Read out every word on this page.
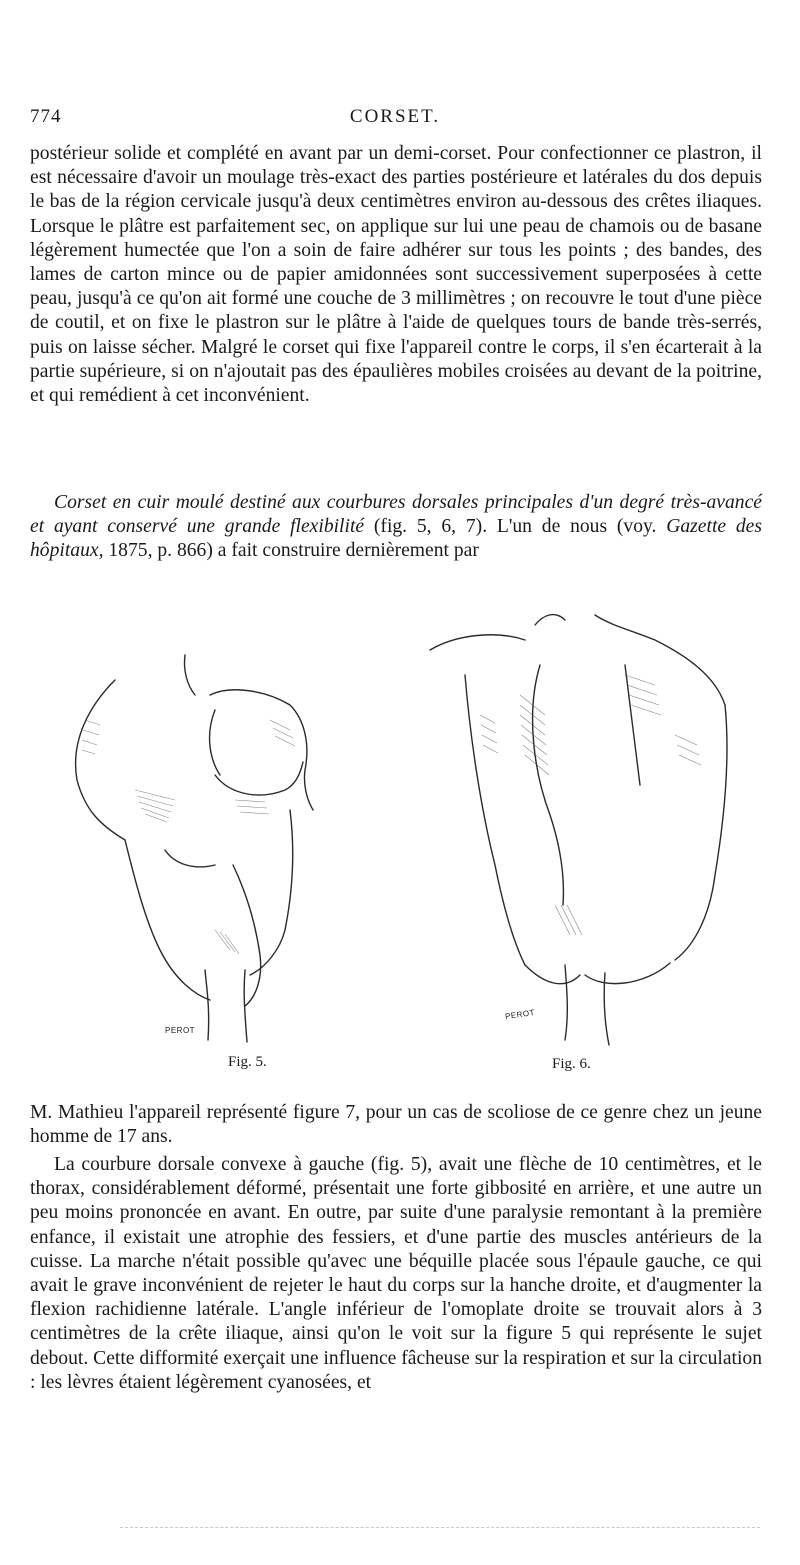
774	CORSET.

postérieur solide et complété en avant par un demi-corset. Pour confectionner ce plastron, il est nécessaire d'avoir un moulage très-exact des parties postérieure et latérales du dos depuis le bas de la région cervicale jusqu'à deux centimètres environ au-dessous des crêtes iliaques. Lorsque le plâtre est parfaitement sec, on applique sur lui une peau de chamois ou de basane légèrement humectée que l'on a soin de faire adhérer sur tous les points ; des bandes, des lames de carton mince ou de papier amidonnées sont successivement superposées à cette peau, jusqu'à ce qu'on ait formé une couche de 3 millimètres ; on recouvre le tout d'une pièce de coutil, et on fixe le plastron sur le plâtre à l'aide de quelques tours de bande très-serrés, puis on laisse sécher. Malgré le corset qui fixe l'appareil contre le corps, il s'en écarterait à la partie supérieure, si on n'ajoutait pas des épaulières mobiles croisées au devant de la poitrine, et qui remédient à cet inconvénient.

Corset en cuir moulé destiné aux courbures dorsales principales d'un degré très-avancé et ayant conservé une grande flexibilité (fig. 5, 6, 7). L'un de nous (voy. Gazette des hôpitaux, 1875, p. 866) a fait construire dernièrement par

PEROT
Fig. 5.
PEROT
Fig. 6.

M. Mathieu l'appareil représenté figure 7, pour un cas de scoliose de ce genre chez un jeune homme de 17 ans.

La courbure dorsale convexe à gauche (fig. 5), avait une flèche de 10 centimètres, et le thorax, considérablement déformé, présentait une forte gibbosité en arrière, et une autre un peu moins prononcée en avant. En outre, par suite d'une paralysie remontant à la première enfance, il existait une atrophie des fessiers, et d'une partie des muscles antérieurs de la cuisse. La marche n'était possible qu'avec une béquille placée sous l'épaule gauche, ce qui avait le grave inconvénient de rejeter le haut du corps sur la hanche droite, et d'augmenter la flexion rachidienne latérale. L'angle inférieur de l'omoplate droite se trouvait alors à 3 centimètres de la crête iliaque, ainsi qu'on le voit sur la figure 5 qui représente le sujet debout. Cette difformité exerçait une influence fâcheuse sur la respiration et sur la circulation : les lèvres étaient légèrement cyanosées, et
